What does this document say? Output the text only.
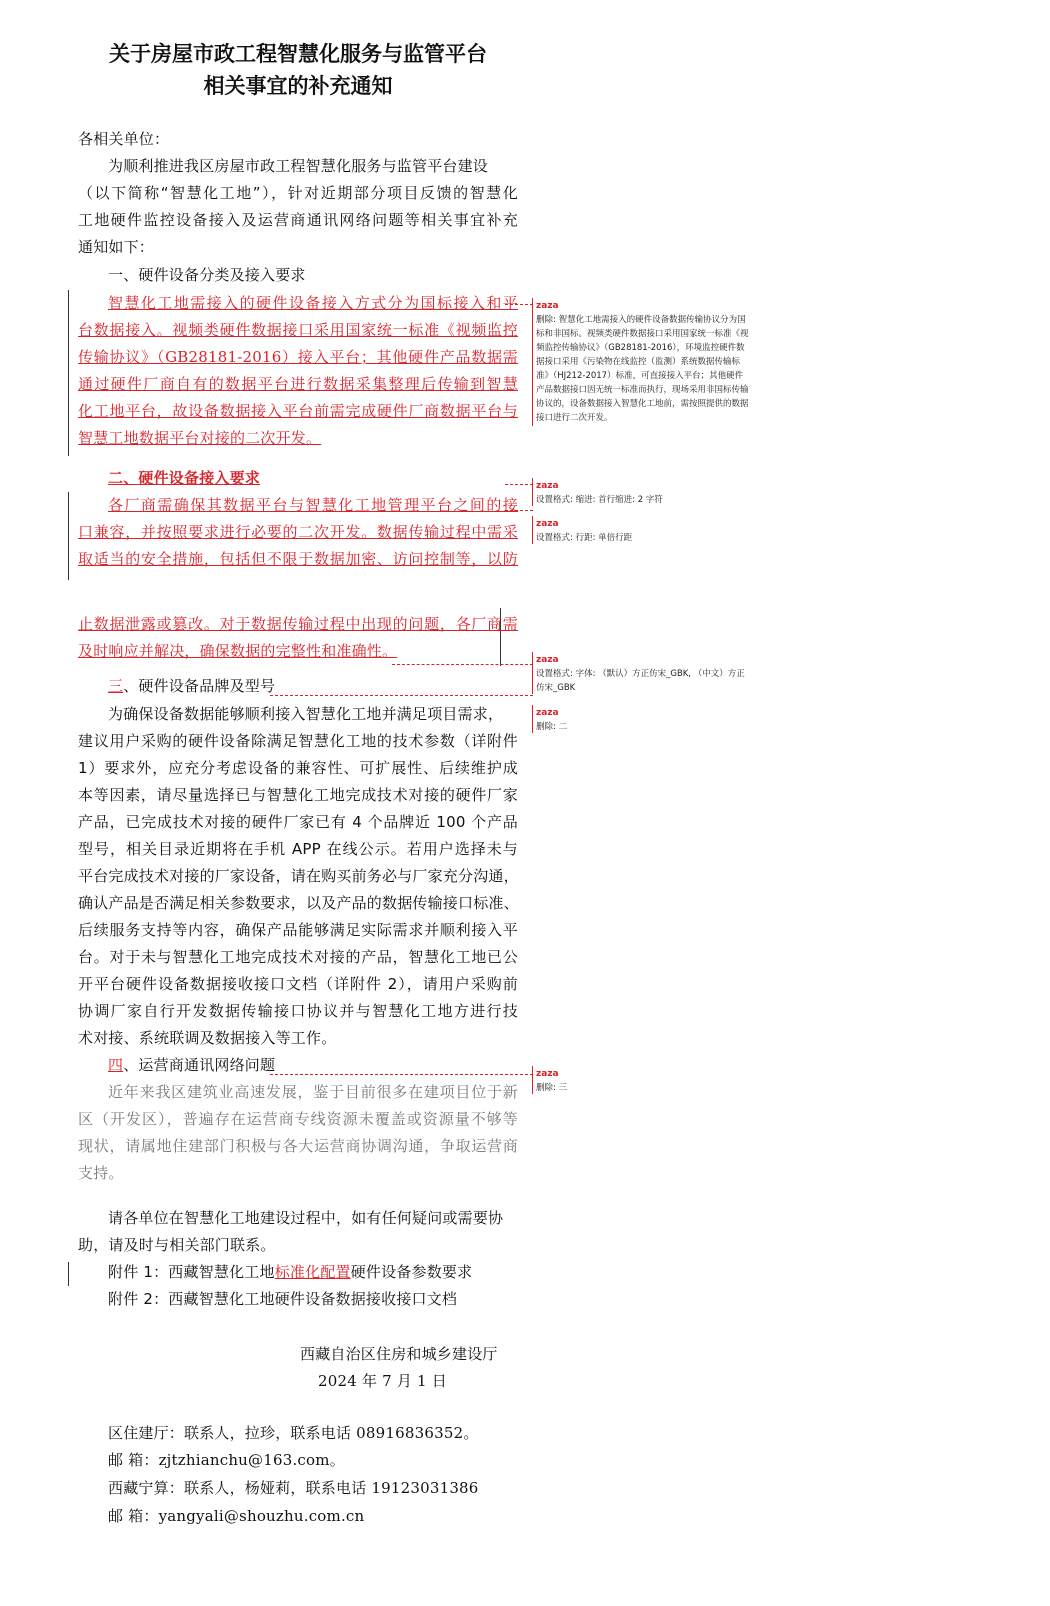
关于房屋市政工程智慧化服务与监管平台
相关事宜的补充通知
各相关单位：
为顺利推进我区房屋市政工程智慧化服务与监管平台建设
（以下简称“智慧化工地”），针对近期部分项目反馈的智慧化
工地硬件监控设备接入及运营商通讯网络问题等相关事宜补充
通知如下：
一、硬件设备分类及接入要求
智慧化工地需接入的硬件设备接入方式分为国标接入和平
台数据接入。视频类硬件数据接口采用国家统一标准《视频监控
传输协议》（GB28181-2016）接入平台；其他硬件产品数据需
通过硬件厂商自有的数据平台进行数据采集整理后传输到智慧
化工地平台，故设备数据接入平台前需完成硬件厂商数据平台与
智慧工地数据平台对接的二次开发。
二、硬件设备接入要求
各厂商需确保其数据平台与智慧化工地管理平台之间的接
口兼容，并按照要求进行必要的二次开发。数据传输过程中需采
取适当的安全措施，包括但不限于数据加密、访问控制等，以防
止数据泄露或篡改。对于数据传输过程中出现的问题，各厂商需
及时响应并解决，确保数据的完整性和准确性。
三、硬件设备品牌及型号
为确保设备数据能够顺利接入智慧化工地并满足项目需求，
建议用户采购的硬件设备除满足智慧化工地的技术参数（详附件
1）要求外，应充分考虑设备的兼容性、可扩展性、后续维护成
本等因素，请尽量选择已与智慧化工地完成技术对接的硬件厂家
产品，已完成技术对接的硬件厂家已有 4 个品牌近 100 个产品
型号，相关目录近期将在手机 APP 在线公示。若用户选择未与
平台完成技术对接的厂家设备，请在购买前务必与厂家充分沟通，
确认产品是否满足相关参数要求，以及产品的数据传输接口标准、
后续服务支持等内容，确保产品能够满足实际需求并顺利接入平
台。对于未与智慧化工地完成技术对接的产品，智慧化工地已公
开平台硬件设备数据接收接口文档（详附件 2），请用户采购前
协调厂家自行开发数据传输接口协议并与智慧化工地方进行技
术对接、系统联调及数据接入等工作。
四、运营商通讯网络问题
近年来我区建筑业高速发展，鉴于目前很多在建项目位于新
区（开发区），普遍存在运营商专线资源未覆盖或资源量不够等
现状，请属地住建部门积极与各大运营商协调沟通，争取运营商
支持。
请各单位在智慧化工地建设过程中，如有任何疑问或需要协
助，请及时与相关部门联系。
附件 1：西藏智慧化工地标准化配置硬件设备参数要求
附件 2：西藏智慧化工地硬件设备数据接收接口文档
西藏自治区住房和城乡建设厅
2024 年 7 月 1 日
区住建厅：联系人，拉珍，联系电话 08916836352。
邮 箱：zjtzhianchu@163.com。
西藏宁算：联系人，杨娅莉，联系电话 19123031386
邮 箱：yangyali@shouzhu.com.cn
zaza
删除: 智慧化工地需接入的硬件设备数据传输协议分为国标和非国标。视频类硬件数据接口采用国家统一标准《视频监控传输协议》（GB28181-2016），环境监控硬件数据接口采用《污染物在线监控（监测）系统数据传输标准》（HJ212-2017）标准，可直接接入平台；其他硬件产品数据接口因无统一标准而执行，现场采用非国标传输协议的，设备数据接入智慧化工地前，需按照提供的数据接口进行二次开发。
zaza
设置格式: 缩进: 首行缩进: 2 字符
zaza
设置格式: 行距: 单倍行距
zaza
设置格式: 字体: （默认）方正仿宋_GBK, （中文）方正仿宋_GBK
zaza
删除: 二
zaza
删除: 三
